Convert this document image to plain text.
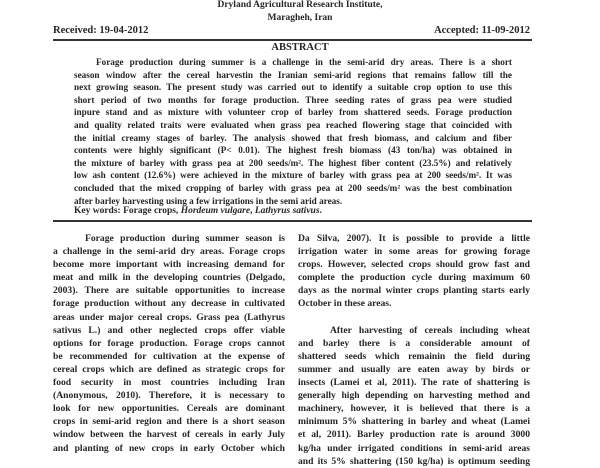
Dryland Agricultural Research Institute,
Maragheh, Iran
Received: 19-04-2012	Accepted: 11-09-2012
ABSTRACT
Forage production during summer is a challenge in the semi-arid dry areas. There is a short
season window after the cereal harvestin the Iranian semi-arid regions that remains fallow till the
next growing season. The present study was carried out to identify a suitable crop option to use this
short period of two months for forage production. Three seeding rates of grass pea were studied
inpure stand and as mixture with volunteer crop of barley from shattered seeds. Forage production
and quality related traits were evaluated when grass pea reached flowering stage that coincided with
the initial creamy stages of barley. The analysis showed that fresh biomass, and calcium and fiber
contents were highly significant (P< 0.01). The highest fresh biomass (43 ton/ha) was obtained in
the mixture of barley with grass pea at 200 seeds/m². The highest fiber content (23.5%) and relatively
low ash content (12.6%) were achieved in the mixture of barley with grass pea at 200 seeds/m². It was
concluded that the mixed cropping of barley with grass pea at 200 seeds/m² was the best combination
after barley harvesting using a few irrigations in the semi arid areas.
Key words: Forage crops, Hordeum vulgare, Lathyrus sativus.
Forage production during summer season is
a challenge in the semi-arid dry areas. Forage crops
become more important with increasing demand for
meat and milk in the developing countries (Delgado,
2003). There are suitable opportunities to increase
forage production without any decrease in cultivated
areas under major cereal crops. Grass pea (Lathyrus
sativus L.) and other neglected crops offer viable
options for forage production. Forage crops cannot
be recommended for cultivation at the expense of
cereal crops which are defined as strategic crops for
food security in most countries including Iran
(Anonymous, 2010). Therefore, it is necessary to
look for new opportunities. Cereals are dominant
crops in semi-arid region and there is a short season
window between the harvest of cereals in early July
and planting of new crops in early October which
Da Silva, 2007). It is possible to provide a little
irrigation water in some areas for growing forage
crops. However, selected crops should grow fast and
complete the production cycle during maximum 60
days as the normal winter crops planting starts early
October in these areas.
After harvesting of cereals including wheat
and barley there is a considerable amount of
shattered seeds which remainin the field during
summer and usually are eaten away by birds or
insects (Lamei et al, 2011). The rate of shattering is
generally high depending on harvesting method and
machinery, however, it is believed that there is a
minimum 5% shattering in barley and wheat (Lamei
et al, 2011). Barley production rate is around 3000
kg/ha under irrigated conditions in semi-arid areas
and its 5% shattering (150 kg/ha) is optimum seeding
